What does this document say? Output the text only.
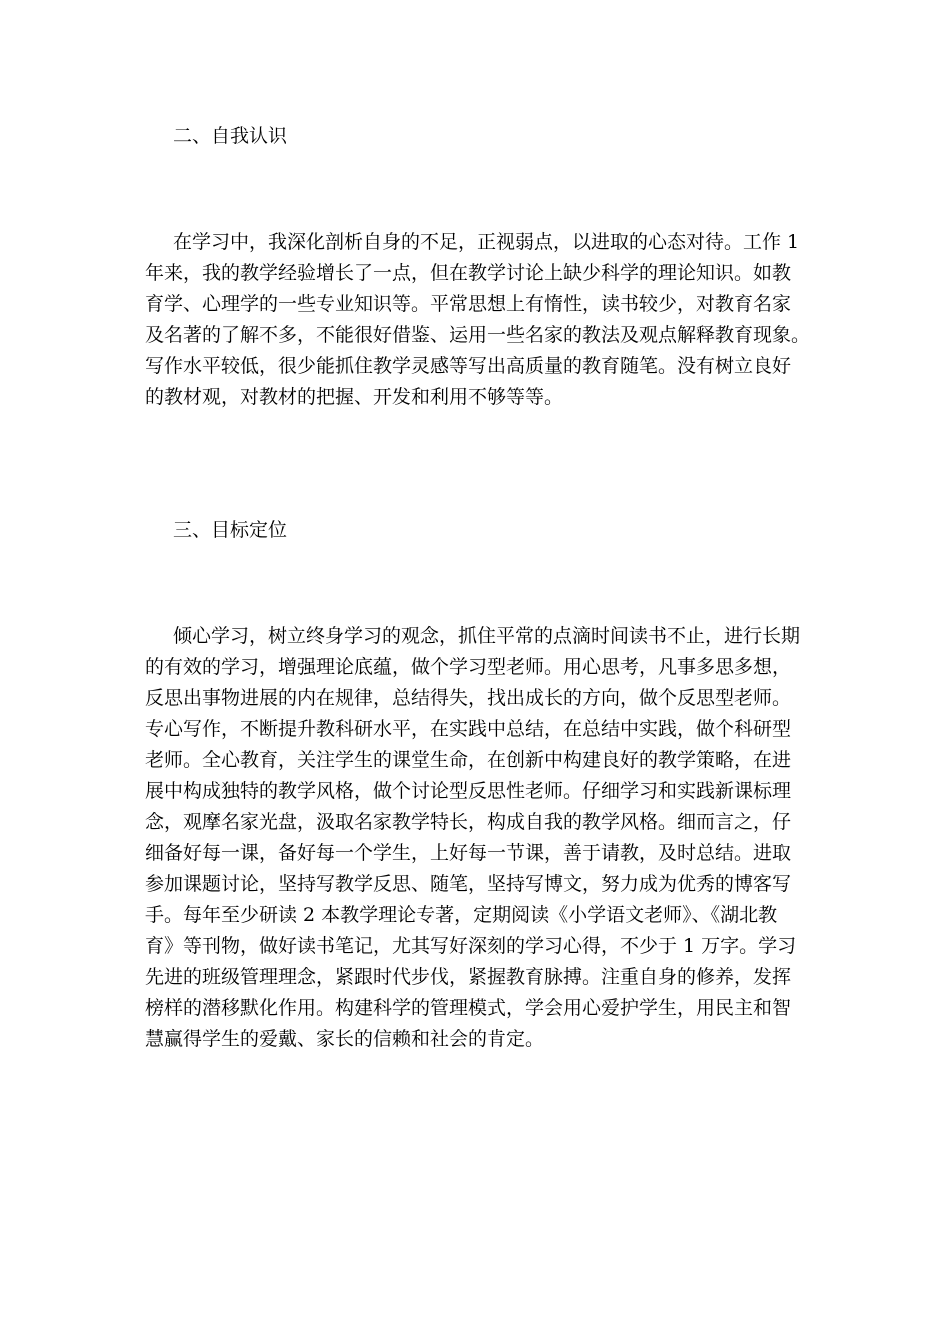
二、自我认识
在学习中，我深化剖析自身的不足，正视弱点，以进取的心态对待。工作 1
年来，我的教学经验增长了一点，但在教学讨论上缺少科学的理论知识。如教
育学、心理学的一些专业知识等。平常思想上有惰性，读书较少，对教育名家
及名著的了解不多，不能很好借鉴、运用一些名家的教法及观点解释教育现象。
写作水平较低，很少能抓住教学灵感等写出高质量的教育随笔。没有树立良好
的教材观，对教材的把握、开发和利用不够等等。
三、目标定位
倾心学习，树立终身学习的观念，抓住平常的点滴时间读书不止，进行长期
的有效的学习，增强理论底蕴，做个学习型老师。用心思考，凡事多思多想，
反思出事物进展的内在规律，总结得失，找出成长的方向，做个反思型老师。
专心写作，不断提升教科研水平，在实践中总结，在总结中实践，做个科研型
老师。全心教育，关注学生的课堂生命，在创新中构建良好的教学策略，在进
展中构成独特的教学风格，做个讨论型反思性老师。仔细学习和实践新课标理
念，观摩名家光盘，汲取名家教学特长，构成自我的教学风格。细而言之，仔
细备好每一课，备好每一个学生，上好每一节课，善于请教，及时总结。进取
参加课题讨论，坚持写教学反思、随笔，坚持写博文，努力成为优秀的博客写
手。每年至少研读 2 本教学理论专著，定期阅读《小学语文老师》、《湖北教
育》等刊物，做好读书笔记，尤其写好深刻的学习心得，不少于 1 万字。学习
先进的班级管理理念，紧跟时代步伐，紧握教育脉搏。注重自身的修养，发挥
榜样的潜移默化作用。构建科学的管理模式，学会用心爱护学生，用民主和智
慧赢得学生的爱戴、家长的信赖和社会的肯定。
